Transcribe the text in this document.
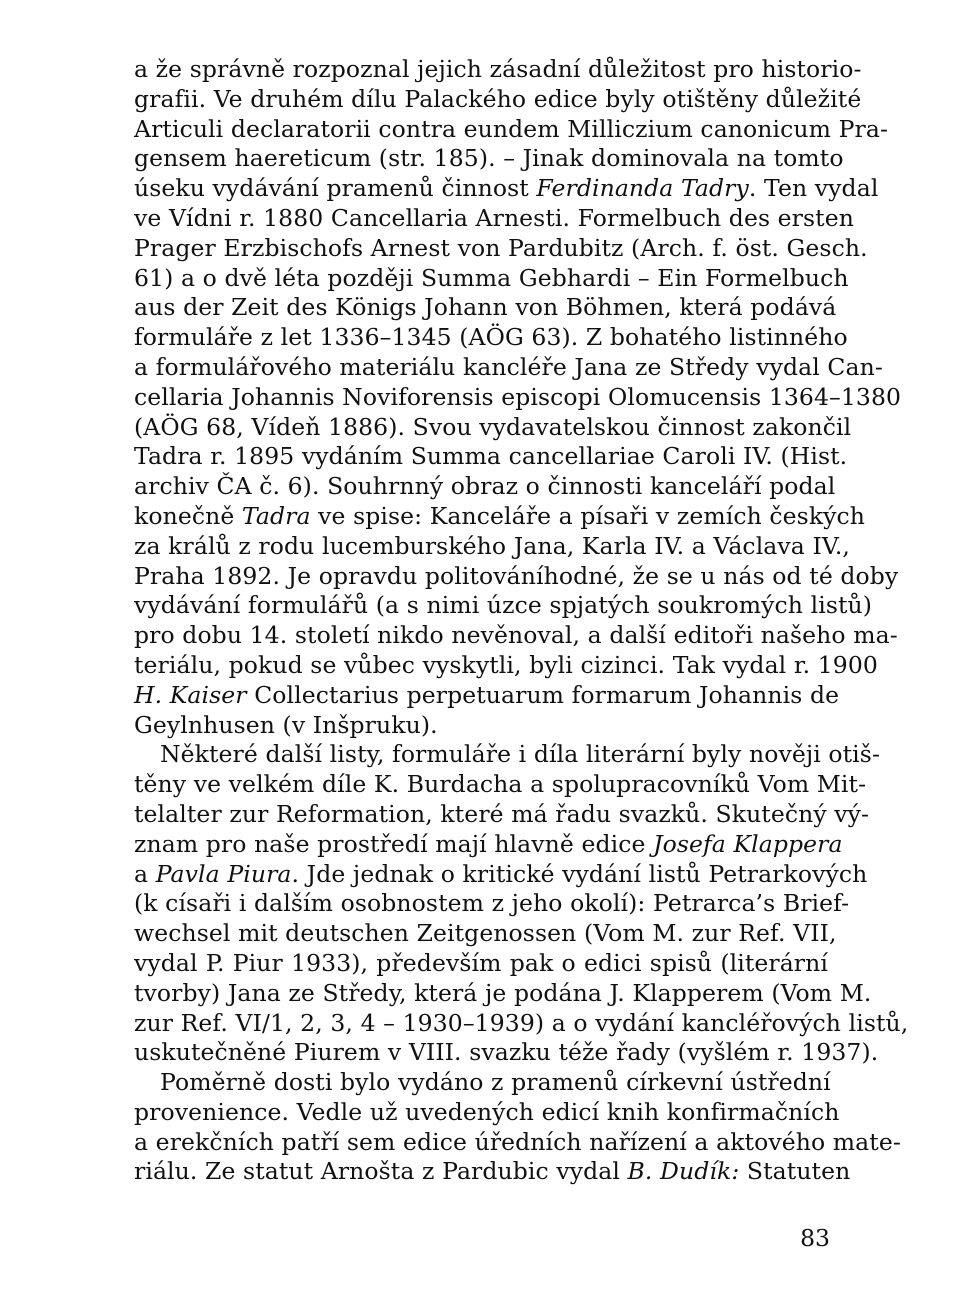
a že správně rozpoznal jejich zásadní důležitost pro historio-
grafii. Ve druhém dílu Palackého edice byly otištěny důležité
Articuli declaratorii contra eundem Milliczium canonicum Pra-
gensem haereticum (str. 185). – Jinak dominovala na tomto
úseku vydávání pramenů činnost Ferdinanda Tadry. Ten vydal
ve Vídni r. 1880 Cancellaria Arnesti. Formelbuch des ersten
Prager Erzbischofs Arnest von Pardubitz (Arch. f. öst. Gesch.
61) a o dvě léta později Summa Gebhardi – Ein Formelbuch
aus der Zeit des Königs Johann von Böhmen, která podává
formuláře z let 1336–1345 (AÖG 63). Z bohatého listinného
a formulářového materiálu kancléře Jana ze Středy vydal Can-
cellaria Johannis Noviforensis episcopi Olomucensis 1364–1380
(AÖG 68, Vídeň 1886). Svou vydavatelskou činnost zakončil
Tadra r. 1895 vydáním Summa cancellariae Caroli IV. (Hist.
archiv ČA č. 6). Souhrnný obraz o činnosti kanceláří podal
konečně Tadra ve spise: Kanceláře a písaři v zemích českých
za králů z rodu lucemburského Jana, Karla IV. a Václava IV.,
Praha 1892. Je opravdu politováníhodné, že se u nás od té doby
vydávání formulářů (a s nimi úzce spjatých soukromých listů)
pro dobu 14. století nikdo nevěnoval, a další editoři našeho ma-
teriálu, pokud se vůbec vyskytli, byli cizinci. Tak vydal r. 1900
H. Kaiser Collectarius perpetuarum formarum Johannis de
Geylnhusen (v Inšpruku).
Některé další listy, formuláře i díla literární byly nověji otiš-
těny ve velkém díle K. Burdacha a spolupracovníků Vom Mit-
telalter zur Reformation, které má řadu svazků. Skutečný vý-
znam pro naše prostředí mají hlavně edice Josefa Klappera
a Pavla Piura. Jde jednak o kritické vydání listů Petrarkových
(k císaři i dalším osobnostem z jeho okolí): Petrarca’s Brief-
wechsel mit deutschen Zeitgenossen (Vom M. zur Ref. VII,
vydal P. Piur 1933), především pak o edici spisů (literární
tvorby) Jana ze Středy, která je podána J. Klapperem (Vom M.
zur Ref. VI/1, 2, 3, 4 – 1930–1939) a o vydání kancléřových listů,
uskutečněné Piurem v VIII. svazku téže řady (vyšlém r. 1937).
Poměrně dosti bylo vydáno z pramenů církevní ústřední
provenience. Vedle už uvedených edicí knih konfirmačních
a erekčních patří sem edice úředních nařízení a aktového mate-
riálu. Ze statut Arnošta z Pardubic vydal B. Dudík: Statuten
83
